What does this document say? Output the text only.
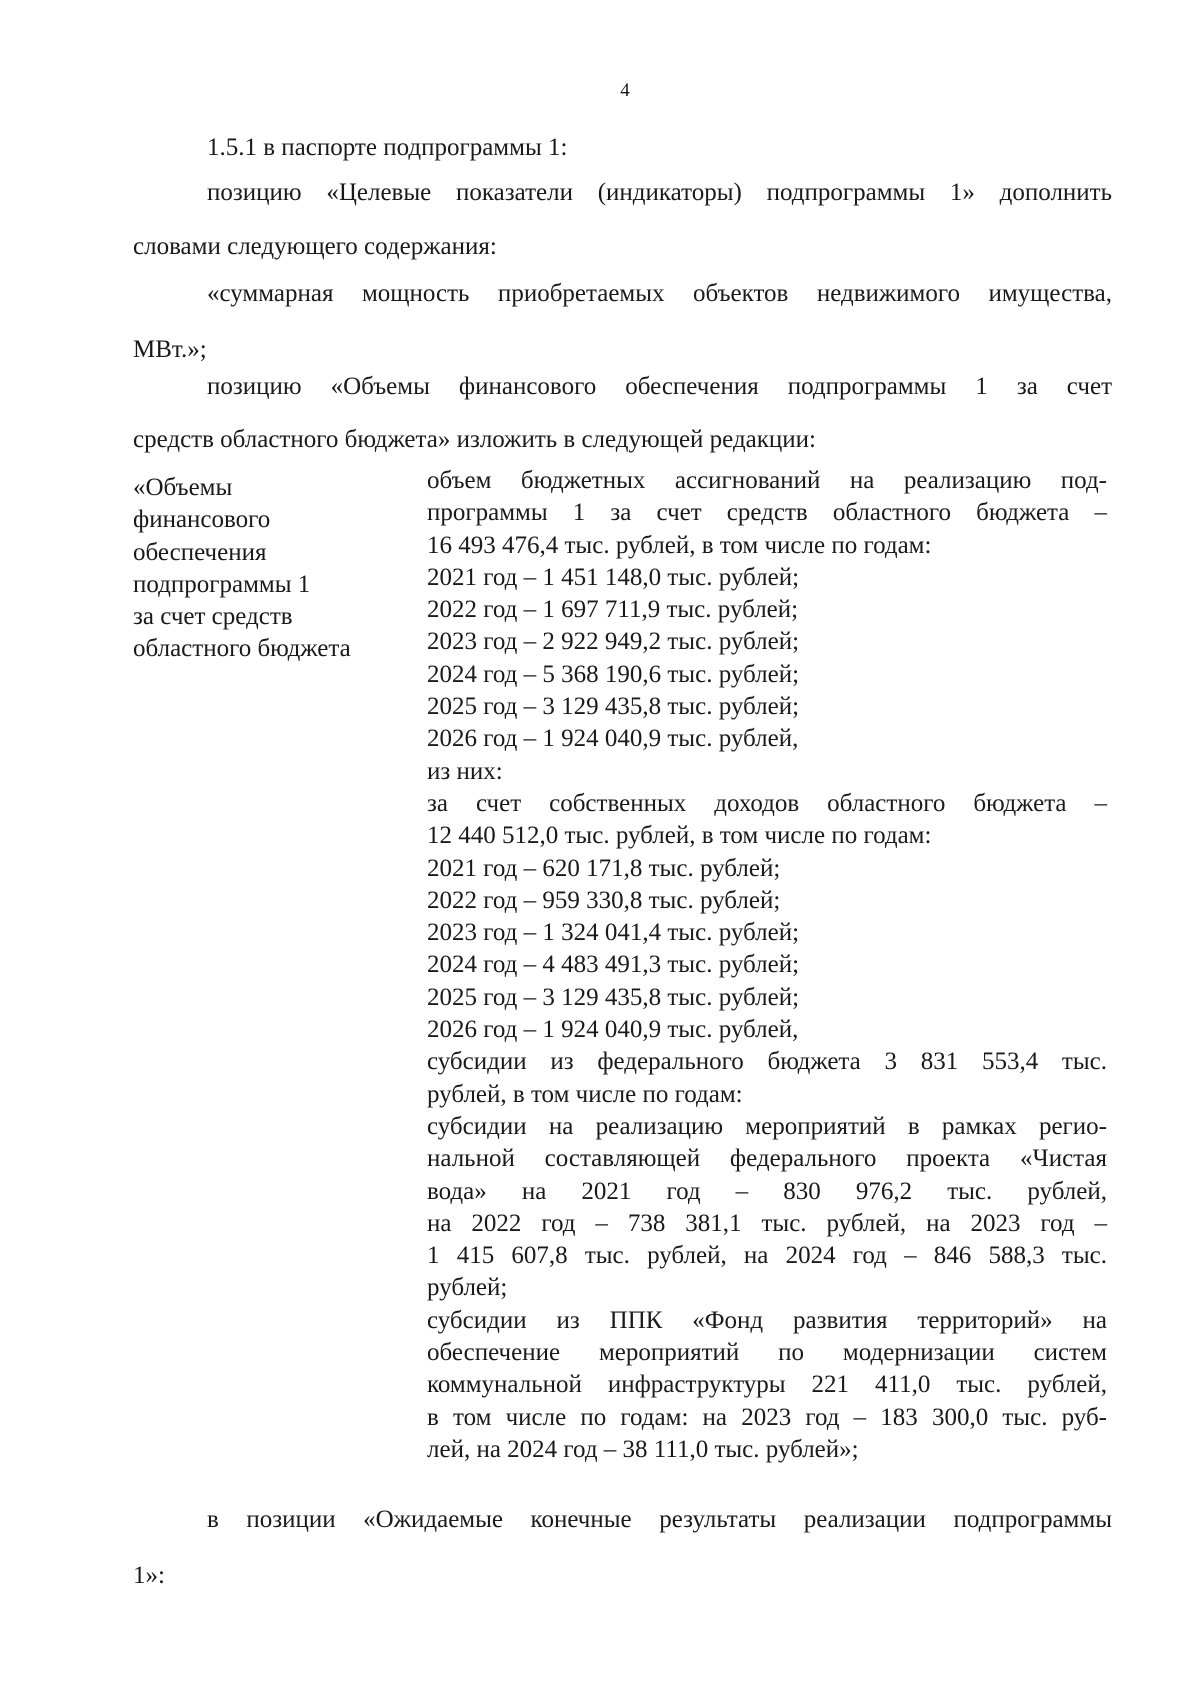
4
1.5.1 в паспорте подпрограммы 1:
позицию «Целевые показатели (индикаторы) подпрограммы 1» дополнить
словами следующего содержания:
«суммарная мощность приобретаемых объектов недвижимого имущества,
МВт.»;
позицию «Объемы финансового обеспечения подпрограммы 1 за счет
средств областного бюджета» изложить в следующей редакции:
«Объемы
финансового
обеспечения
подпрограммы 1
за счет средств
областного бюджета
объем бюджетных ассигнований на реализацию под-
программы 1 за счет средств областного бюджета –
16 493 476,4 тыс. рублей, в том числе по годам:
2021 год – 1 451 148,0 тыс. рублей;
2022 год – 1 697 711,9 тыс. рублей;
2023 год – 2 922 949,2 тыс. рублей;
2024 год – 5 368 190,6 тыс. рублей;
2025 год – 3 129 435,8 тыс. рублей;
2026 год – 1 924 040,9 тыс. рублей,
из них:
за счет собственных доходов областного бюджета –
12 440 512,0 тыс. рублей, в том числе по годам:
2021 год – 620 171,8 тыс. рублей;
2022 год – 959 330,8 тыс. рублей;
2023 год – 1 324 041,4 тыс. рублей;
2024 год – 4 483 491,3 тыс. рублей;
2025 год – 3 129 435,8 тыс. рублей;
2026 год – 1 924 040,9 тыс. рублей,
субсидии из федерального бюджета 3 831 553,4 тыс.
рублей, в том числе по годам:
субсидии на реализацию мероприятий в рамках регио-
нальной составляющей федерального проекта «Чистая
вода» на 2021 год – 830 976,2 тыс. рублей,
на 2022 год – 738 381,1 тыс. рублей, на 2023 год –
1 415 607,8 тыс. рублей, на 2024 год – 846 588,3 тыс.
рублей;
субсидии из ППК «Фонд развития территорий» на
обеспечение мероприятий по модернизации систем
коммунальной инфраструктуры 221 411,0 тыс. рублей,
в том числе по годам: на 2023 год – 183 300,0 тыс. руб-
лей, на 2024 год – 38 111,0 тыс. рублей»;
в позиции «Ожидаемые конечные результаты реализации подпрограммы
1»:
